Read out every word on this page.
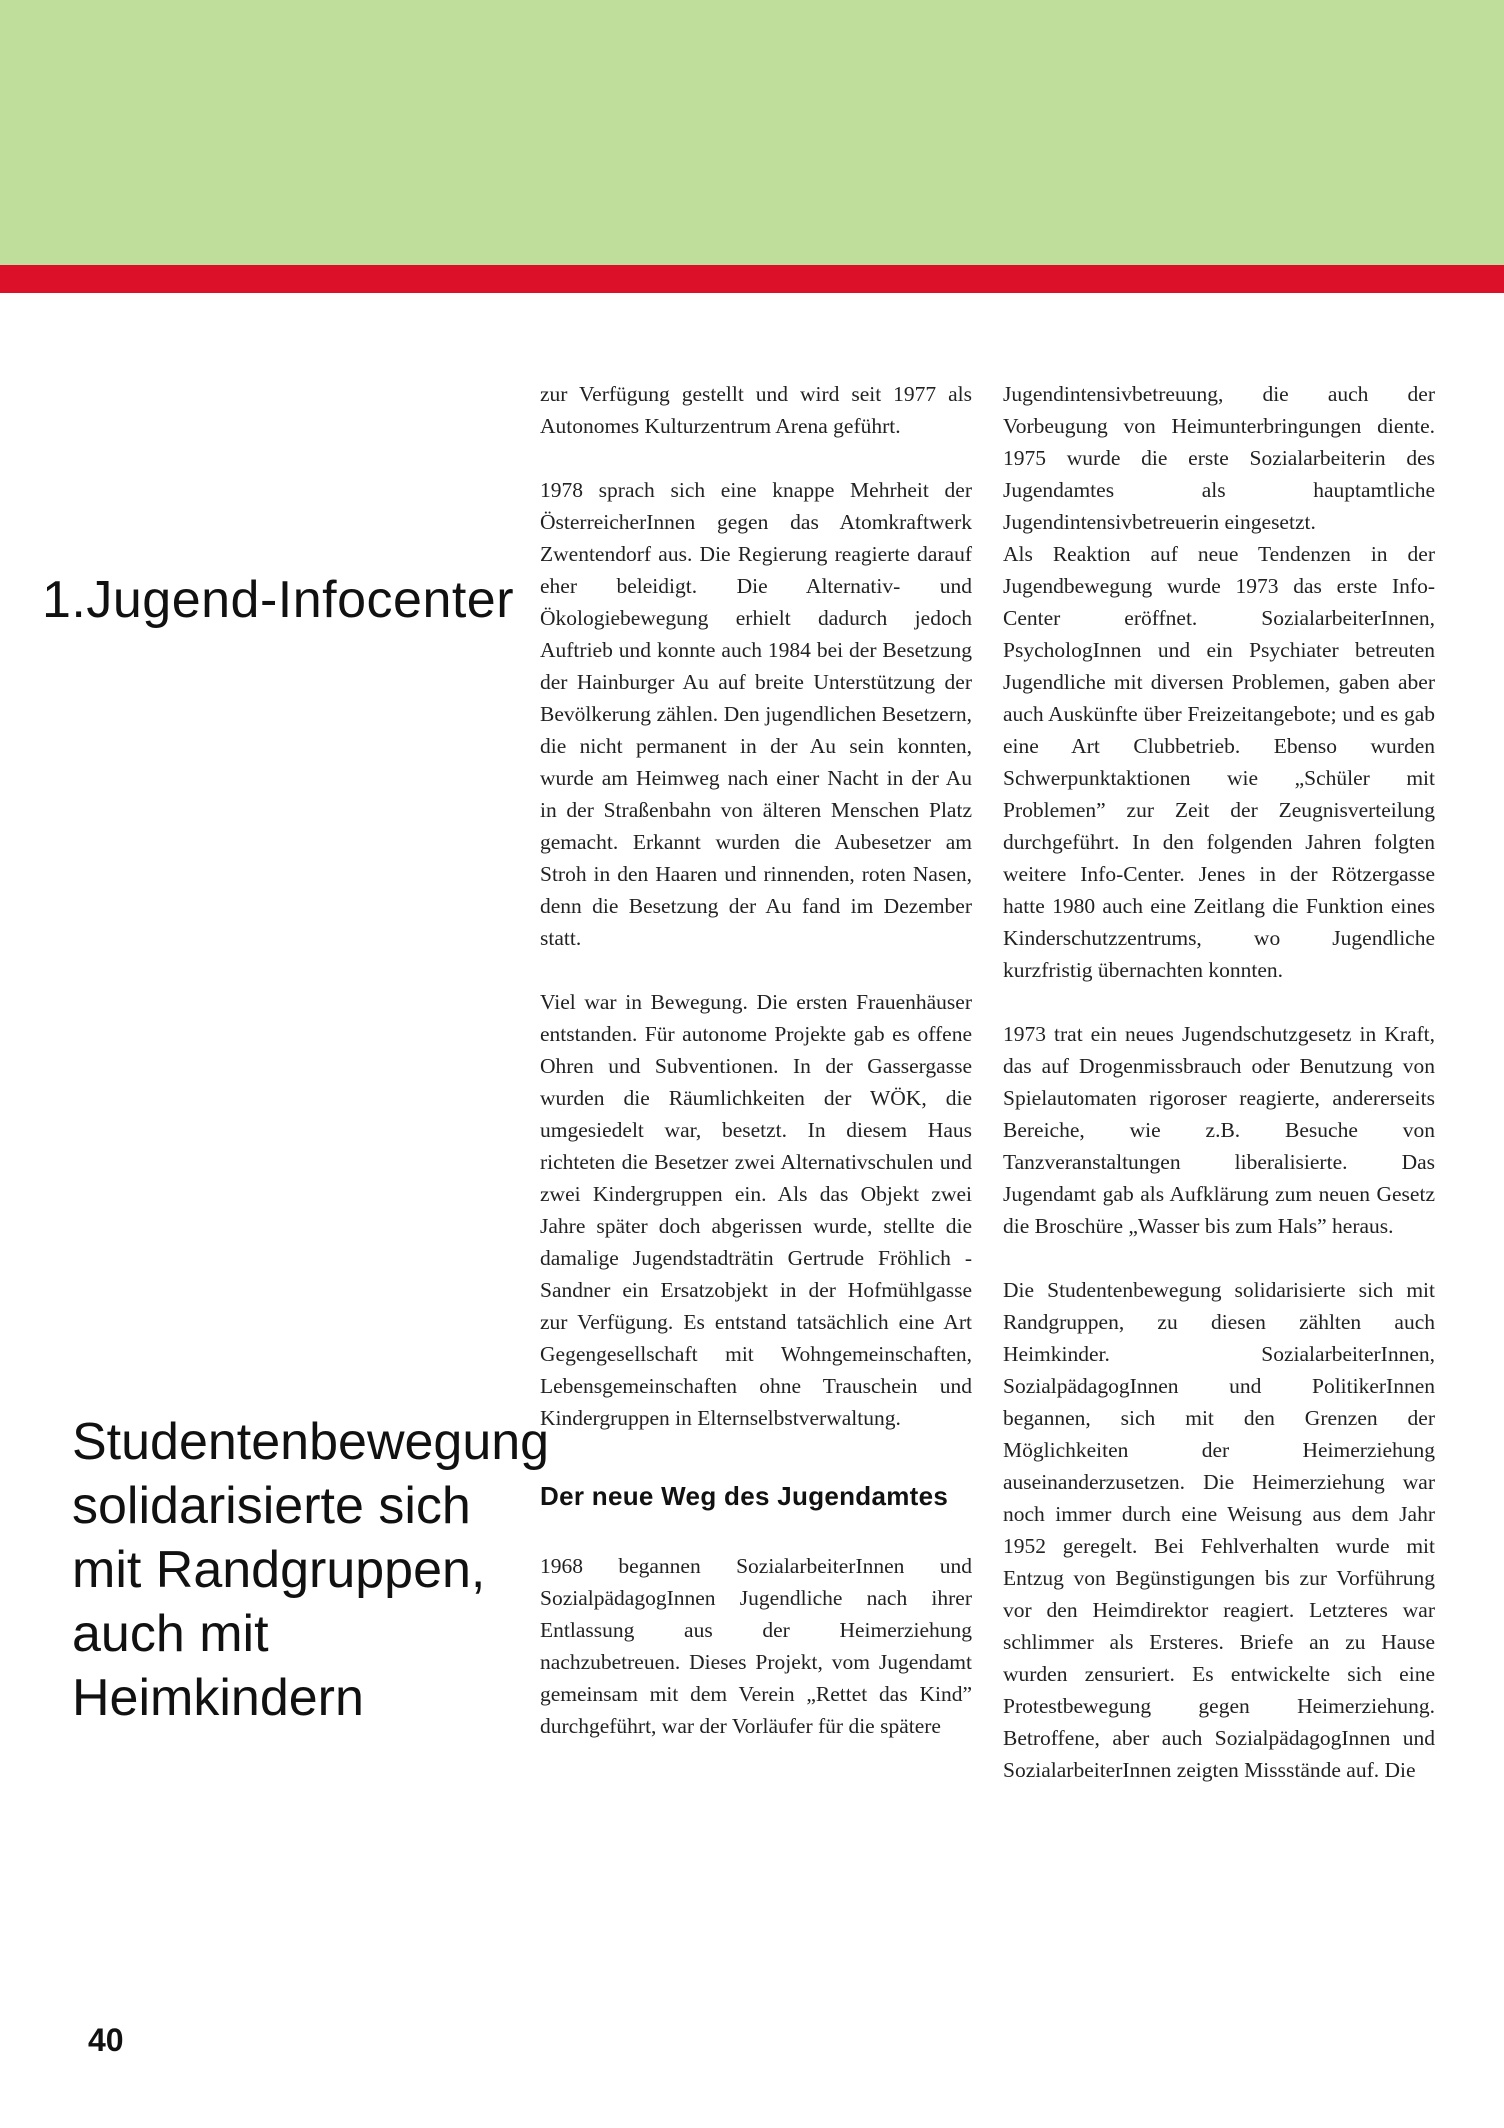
1.Jugend-Infocenter
Studentenbewegung
solidarisierte sich
mit Randgruppen,
auch mit
Heimkindern

zur Verfügung gestellt und wird seit 1977 als Autonomes Kulturzentrum Arena geführt.

1978 sprach sich eine knappe Mehrheit der ÖsterreicherInnen gegen das Atomkraftwerk Zwentendorf aus. Die Regierung reagierte darauf eher beleidigt. Die Alternativ- und Ökologiebewegung erhielt dadurch jedoch Auftrieb und konnte auch 1984 bei der Besetzung der Hainburger Au auf breite Unterstützung der Bevölkerung zählen. Den jugendlichen Besetzern, die nicht permanent in der Au sein konnten, wurde am Heimweg nach einer Nacht in der Au in der Straßenbahn von älteren Menschen Platz gemacht. Erkannt wurden die Aubesetzer am Stroh in den Haaren und rinnenden, roten Nasen, denn die Besetzung der Au fand im Dezember statt.

Viel war in Bewegung. Die ersten Frauenhäuser entstanden. Für autonome Projekte gab es offene Ohren und Subventionen. In der Gassergasse wurden die Räumlichkeiten der WÖK, die umgesiedelt war, besetzt. In diesem Haus richteten die Besetzer zwei Alternativschulen und zwei Kindergruppen ein. Als das Objekt zwei Jahre später doch abgerissen wurde, stellte die damalige Jugendstadträtin Gertrude Fröhlich - Sandner ein Ersatzobjekt in der Hofmühlgasse zur Verfügung. Es entstand tatsächlich eine Art Gegengesellschaft mit Wohngemeinschaften, Lebensgemeinschaften ohne Trauschein und Kindergruppen in Elternselbstverwaltung.

Der neue Weg des Jugendamtes

1968 begannen SozialarbeiterInnen und SozialpädagogInnen Jugendliche nach ihrer Entlassung aus der Heimerziehung nachzubetreuen. Dieses Projekt, vom Jugendamt gemeinsam mit dem Verein „Rettet das Kind” durchgeführt, war der Vorläufer für die spätere

Jugendintensivbetreuung, die auch der Vorbeugung von Heimunterbringungen diente. 1975 wurde die erste Sozialarbeiterin des Jugendamtes als hauptamtliche Jugendintensivbetreuerin eingesetzt.

Als Reaktion auf neue Tendenzen in der Jugendbewegung wurde 1973 das erste Info-Center eröffnet. SozialarbeiterInnen, PsychologInnen und ein Psychiater betreuten Jugendliche mit diversen Problemen, gaben aber auch Auskünfte über Freizeitangebote; und es gab eine Art Clubbetrieb. Ebenso wurden Schwerpunktaktionen wie „Schüler mit Problemen” zur Zeit der Zeugnisverteilung durchgeführt. In den folgenden Jahren folgten weitere Info-Center. Jenes in der Rötzergasse hatte 1980 auch eine Zeitlang die Funktion eines Kinderschutzzentrums, wo Jugendliche kurzfristig übernachten konnten.

1973 trat ein neues Jugendschutzgesetz in Kraft, das auf Drogenmissbrauch oder Benutzung von Spielautomaten rigoroser reagierte, andererseits Bereiche, wie z.B. Besuche von Tanzveranstaltungen liberalisierte. Das Jugendamt gab als Aufklärung zum neuen Gesetz die Broschüre „Wasser bis zum Hals” heraus.

Die Studentenbewegung solidarisierte sich mit Randgruppen, zu diesen zählten auch Heimkinder. SozialarbeiterInnen, SozialpädagogInnen und PolitikerInnen begannen, sich mit den Grenzen der Möglichkeiten der Heimerziehung auseinanderzusetzen. Die Heimerziehung war noch immer durch eine Weisung aus dem Jahr 1952 geregelt. Bei Fehlverhalten wurde mit Entzug von Begünstigungen bis zur Vorführung vor den Heimdirektor reagiert. Letzteres war schlimmer als Ersteres. Briefe an zu Hause wurden zensuriert. Es entwickelte sich eine Protestbewegung gegen Heimerziehung. Betroffene, aber auch SozialpädagogInnen und SozialarbeiterInnen zeigten Missstände auf. Die

40
